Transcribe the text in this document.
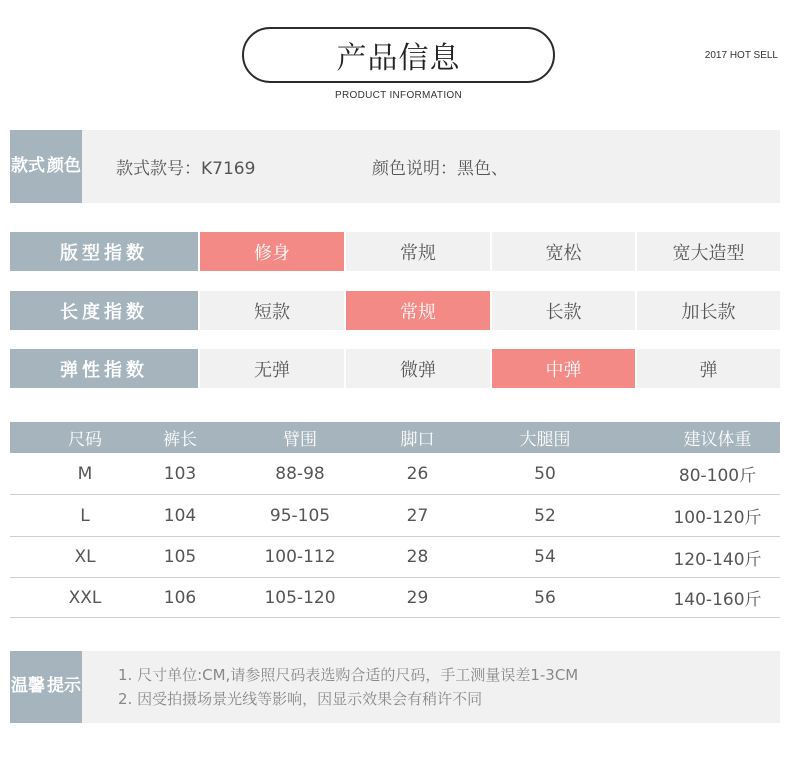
产品信息
PRODUCT INFORMATION
2017 HOT SELL
款式 颜色 款式款号：K7169	颜色说明：黑色、
版型指数	修身	常规	宽松	宽大造型
长度指数	短款	常规	长款	加长款
弹性指数	无弹	微弹	中弹	弹
尺码	裤长	臂围	脚口	大腿围	建议体重
M	103	88-98	26	50	80-100斤
L	104	95-105	27	52	100-120斤
XL	105	100-112	28	54	120-140斤
XXL	106	105-120	29	56	140-160斤
温馨 提示
1. 尺寸单位:CM,请参照尺码表选购合适的尺码，手工测量误差1-3CM
2. 因受拍摄场景光线等影响，因显示效果会有稍许不同
